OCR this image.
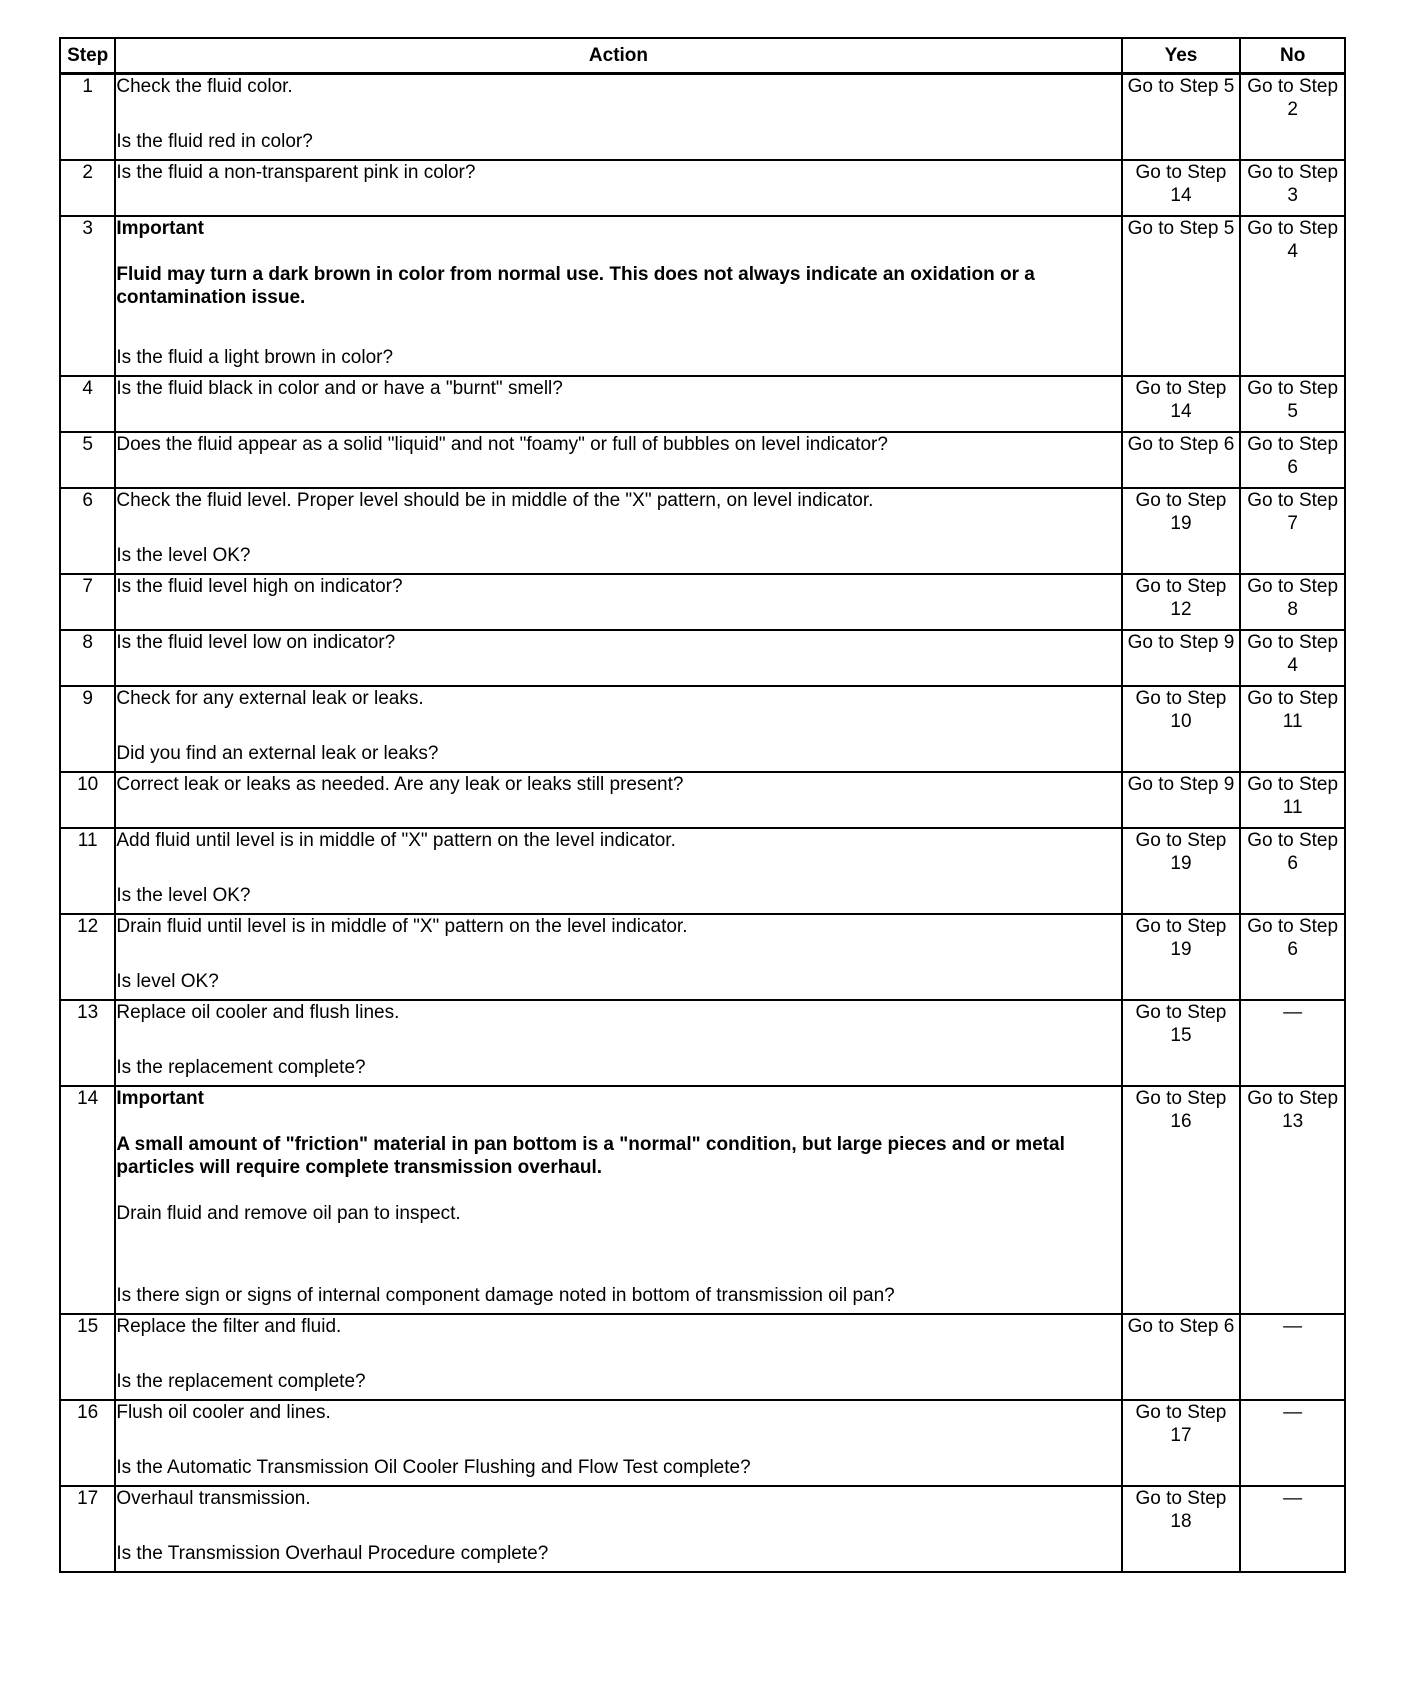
Step	Action	Yes	No
1	Check the fluid color.
Is the fluid red in color?	Go to Step 5	Go to Step 2
2	Is the fluid a non-transparent pink in color?	Go to Step 14	Go to Step 3
3	Important
Fluid may turn a dark brown in color from normal use. This does not always indicate an oxidation or a contamination issue.
Is the fluid a light brown in color?	Go to Step 5	Go to Step 4
4	Is the fluid black in color and or have a "burnt" smell?	Go to Step 14	Go to Step 5
5	Does the fluid appear as a solid "liquid" and not "foamy" or full of bubbles on level indicator?	Go to Step 6	Go to Step 6
6	Check the fluid level. Proper level should be in middle of the "X" pattern, on level indicator.
Is the level OK?	Go to Step 19	Go to Step 7
7	Is the fluid level high on indicator?	Go to Step 12	Go to Step 8
8	Is the fluid level low on indicator?	Go to Step 9	Go to Step 4
9	Check for any external leak or leaks.
Did you find an external leak or leaks?	Go to Step 10	Go to Step 11
10	Correct leak or leaks as needed. Are any leak or leaks still present?	Go to Step 9	Go to Step 11
11	Add fluid until level is in middle of "X" pattern on the level indicator.
Is the level OK?	Go to Step 19	Go to Step 6
12	Drain fluid until level is in middle of "X" pattern on the level indicator.
Is level OK?	Go to Step 19	Go to Step 6
13	Replace oil cooler and flush lines.
Is the replacement complete?	Go to Step 15	—
14	Important
A small amount of "friction" material in pan bottom is a "normal" condition, but large pieces and or metal particles will require complete transmission overhaul.
Drain fluid and remove oil pan to inspect.
Is there sign or signs of internal component damage noted in bottom of transmission oil pan?	Go to Step 16	Go to Step 13
15	Replace the filter and fluid.
Is the replacement complete?	Go to Step 6	—
16	Flush oil cooler and lines.
Is the Automatic Transmission Oil Cooler Flushing and Flow Test complete?	Go to Step 17	—
17	Overhaul transmission.
Is the Transmission Overhaul Procedure complete?	Go to Step 18	—
